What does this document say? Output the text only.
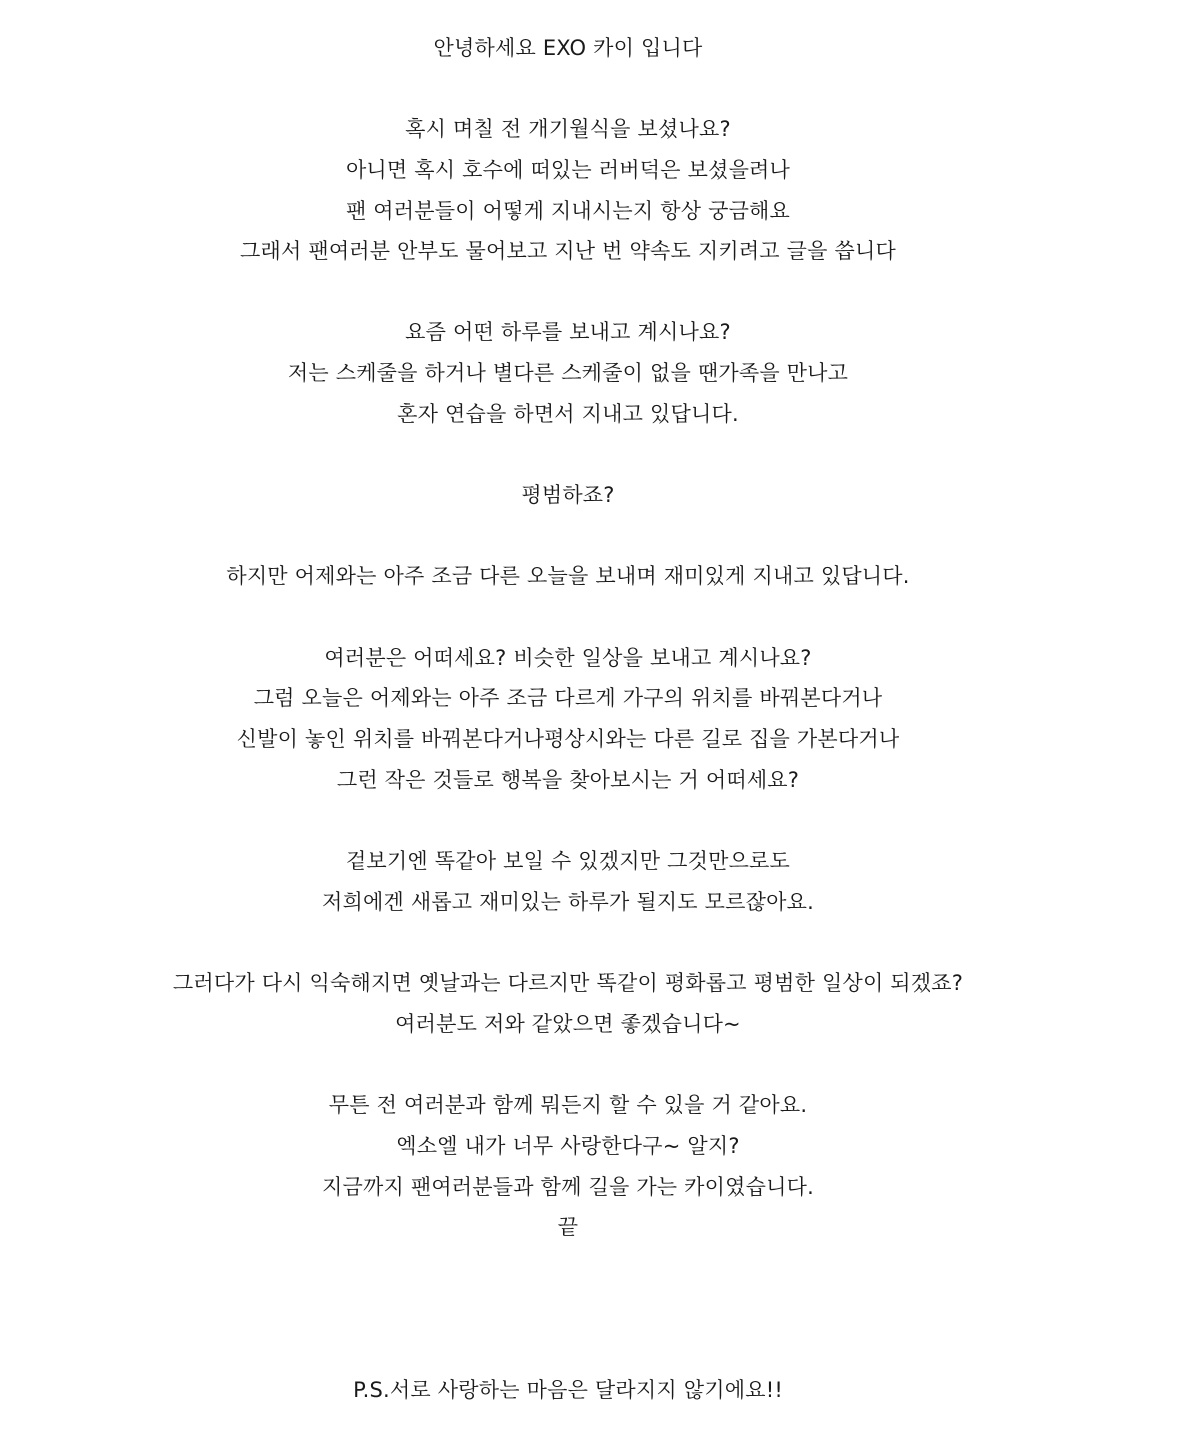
안녕하세요 EXO 카이 입니다
혹시 며칠 전 개기월식을 보셨나요?
아니면 혹시 호수에 떠있는 러버덕은 보셨을려나
팬 여러분들이 어떻게 지내시는지 항상 궁금해요
그래서 팬여러분 안부도 물어보고 지난 번 약속도 지키려고 글을 씁니다
요즘 어떤 하루를 보내고 계시나요?
저는 스케줄을 하거나 별다른 스케줄이 없을 땐가족을 만나고
혼자 연습을 하면서 지내고 있답니다.
평범하죠?
하지만 어제와는 아주 조금 다른 오늘을 보내며 재미있게 지내고 있답니다.
여러분은 어떠세요? 비슷한 일상을 보내고 계시나요?
그럼 오늘은 어제와는 아주 조금 다르게 가구의 위치를 바꿔본다거나
신발이 놓인 위치를 바꿔본다거나평상시와는 다른 길로 집을 가본다거나
그런 작은 것들로 행복을 찾아보시는 거 어떠세요?
겉보기엔 똑같아 보일 수 있겠지만 그것만으로도
저희에겐 새롭고 재미있는 하루가 될지도 모르잖아요.
그러다가 다시 익숙해지면 옛날과는 다르지만 똑같이 평화롭고 평범한 일상이 되겠죠?
여러분도 저와 같았으면 좋겠습니다~
무튼 전 여러분과 함께 뭐든지 할 수 있을 거 같아요.
엑소엘 내가 너무 사랑한다구~ 알지?
지금까지 팬여러분들과 함께 길을 가는 카이였습니다.
끝
P.S.서로 사랑하는 마음은 달라지지 않기에요!!
